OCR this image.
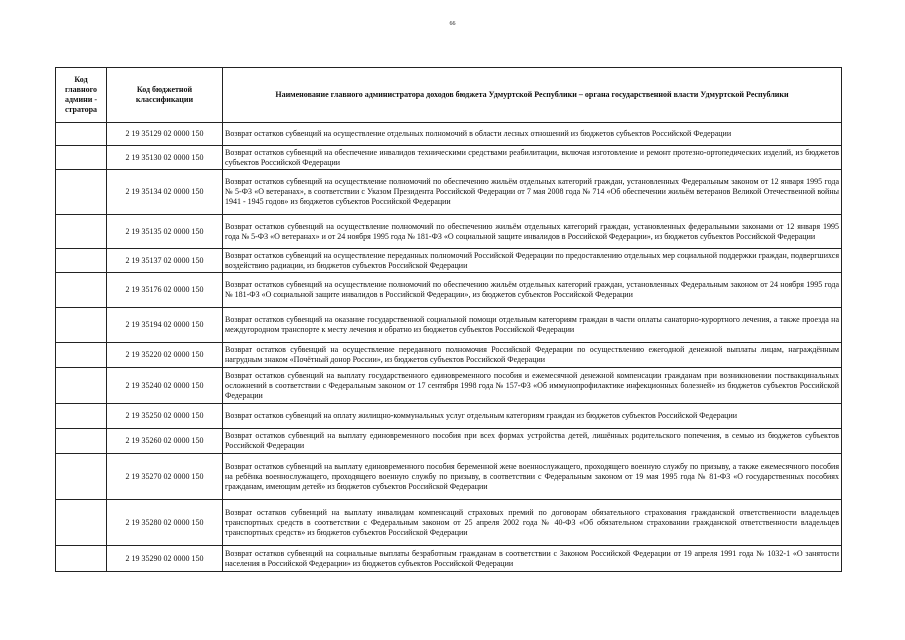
66
Код главного админи - стратора	Код бюджетной классификации	Наименование главного администратора доходов бюджета Удмуртской Республики – органа государственной власти Удмуртской Республики
	2 19 35129 02 0000 150	Возврат остатков субвенций на осуществление отдельных полномочий в области лесных отношений из бюджетов субъектов Российской Федерации
	2 19 35130 02 0000 150	Возврат остатков субвенций на обеспечение инвалидов техническими средствами реабилитации, включая изготовление и ремонт протезно-ортопедических изделий, из бюджетов субъектов Российской Федерации
	2 19 35134 02 0000 150	Возврат остатков субвенций на осуществление полномочий по обеспечению жильём отдельных категорий граждан, установленных Федеральным законом от 12 января 1995 года № 5-ФЗ «О ветеранах», в соответствии с Указом Президента Российской Федерации от 7 мая 2008 года № 714 «Об обеспечении жильём ветеранов Великой Отечественной войны 1941 - 1945 годов» из бюджетов субъектов Российской Федерации
	2 19 35135 02 0000 150	Возврат остатков субвенций на осуществление полномочий по обеспечению жильём отдельных категорий граждан, установленных федеральными законами от 12 января 1995 года № 5-ФЗ «О ветеранах» и от 24 ноября 1995 года № 181-ФЗ «О социальной защите инвалидов в Российской Федерации», из бюджетов субъектов Российской Федерации
	2 19 35137 02 0000 150	Возврат остатков субвенций на осуществление переданных полномочий Российской Федерации по предоставлению отдельных мер социальной поддержки граждан, подвергшихся воздействию радиации, из бюджетов субъектов Российской Федерации
	2 19 35176 02 0000 150	Возврат остатков субвенций на осуществление полномочий по обеспечению жильём отдельных категорий граждан, установленных Федеральным законом от 24 ноября 1995 года № 181-ФЗ «О социальной защите инвалидов в Российской Федерации», из бюджетов субъектов Российской Федерации
	2 19 35194 02 0000 150	Возврат остатков субвенций на оказание государственной социальной помощи отдельным категориям граждан в части оплаты санаторно-курортного лечения, а также проезда на междугородном транспорте к месту лечения и обратно из бюджетов субъектов Российской Федерации
	2 19 35220 02 0000 150	Возврат остатков субвенций на осуществление переданного полномочия Российской Федерации по осуществлению ежегодной денежной выплаты лицам, награждённым нагрудным знаком «Почётный донор России», из бюджетов субъектов Российской Федерации
	2 19 35240 02 0000 150	Возврат остатков субвенций на выплату государственного единовременного пособия и ежемесячной денежной компенсации гражданам при возникновении поствакцинальных осложнений в соответствии с Федеральным законом от 17 сентября 1998 года № 157-ФЗ «Об иммунопрофилактике инфекционных болезней» из бюджетов субъектов Российской Федерации
	2 19 35250 02 0000 150	Возврат остатков субвенций на оплату жилищно-коммунальных услуг отдельным категориям граждан из бюджетов субъектов Российской Федерации
	2 19 35260 02 0000 150	Возврат остатков субвенций на выплату единовременного пособия при всех формах устройства детей, лишённых родительского попечения, в семью из бюджетов субъектов Российской Федерации
	2 19 35270 02 0000 150	Возврат остатков субвенций на выплату единовременного пособия беременной жене военнослужащего, проходящего военную службу по призыву, а также ежемесячного пособия на ребёнка военнослужащего, проходящего военную службу по призыву, в соответствии с Федеральным законом от 19 мая 1995 года № 81-ФЗ «О государственных пособиях гражданам, имеющим детей» из бюджетов субъектов Российской Федерации
	2 19 35280 02 0000 150	Возврат остатков субвенций на выплату инвалидам компенсаций страховых премий по договорам обязательного страхования гражданской ответственности владельцев транспортных средств в соответствии с Федеральным законом от 25 апреля 2002 года № 40-ФЗ «Об обязательном страховании гражданской ответственности владельцев транспортных средств» из бюджетов субъектов Российской Федерации
	2 19 35290 02 0000 150	Возврат остатков субвенций на социальные выплаты безработным гражданам в соответствии с Законом Российской Федерации от 19 апреля 1991 года № 1032-1 «О занятости населения в Российской Федерации» из бюджетов субъектов Российской Федерации
